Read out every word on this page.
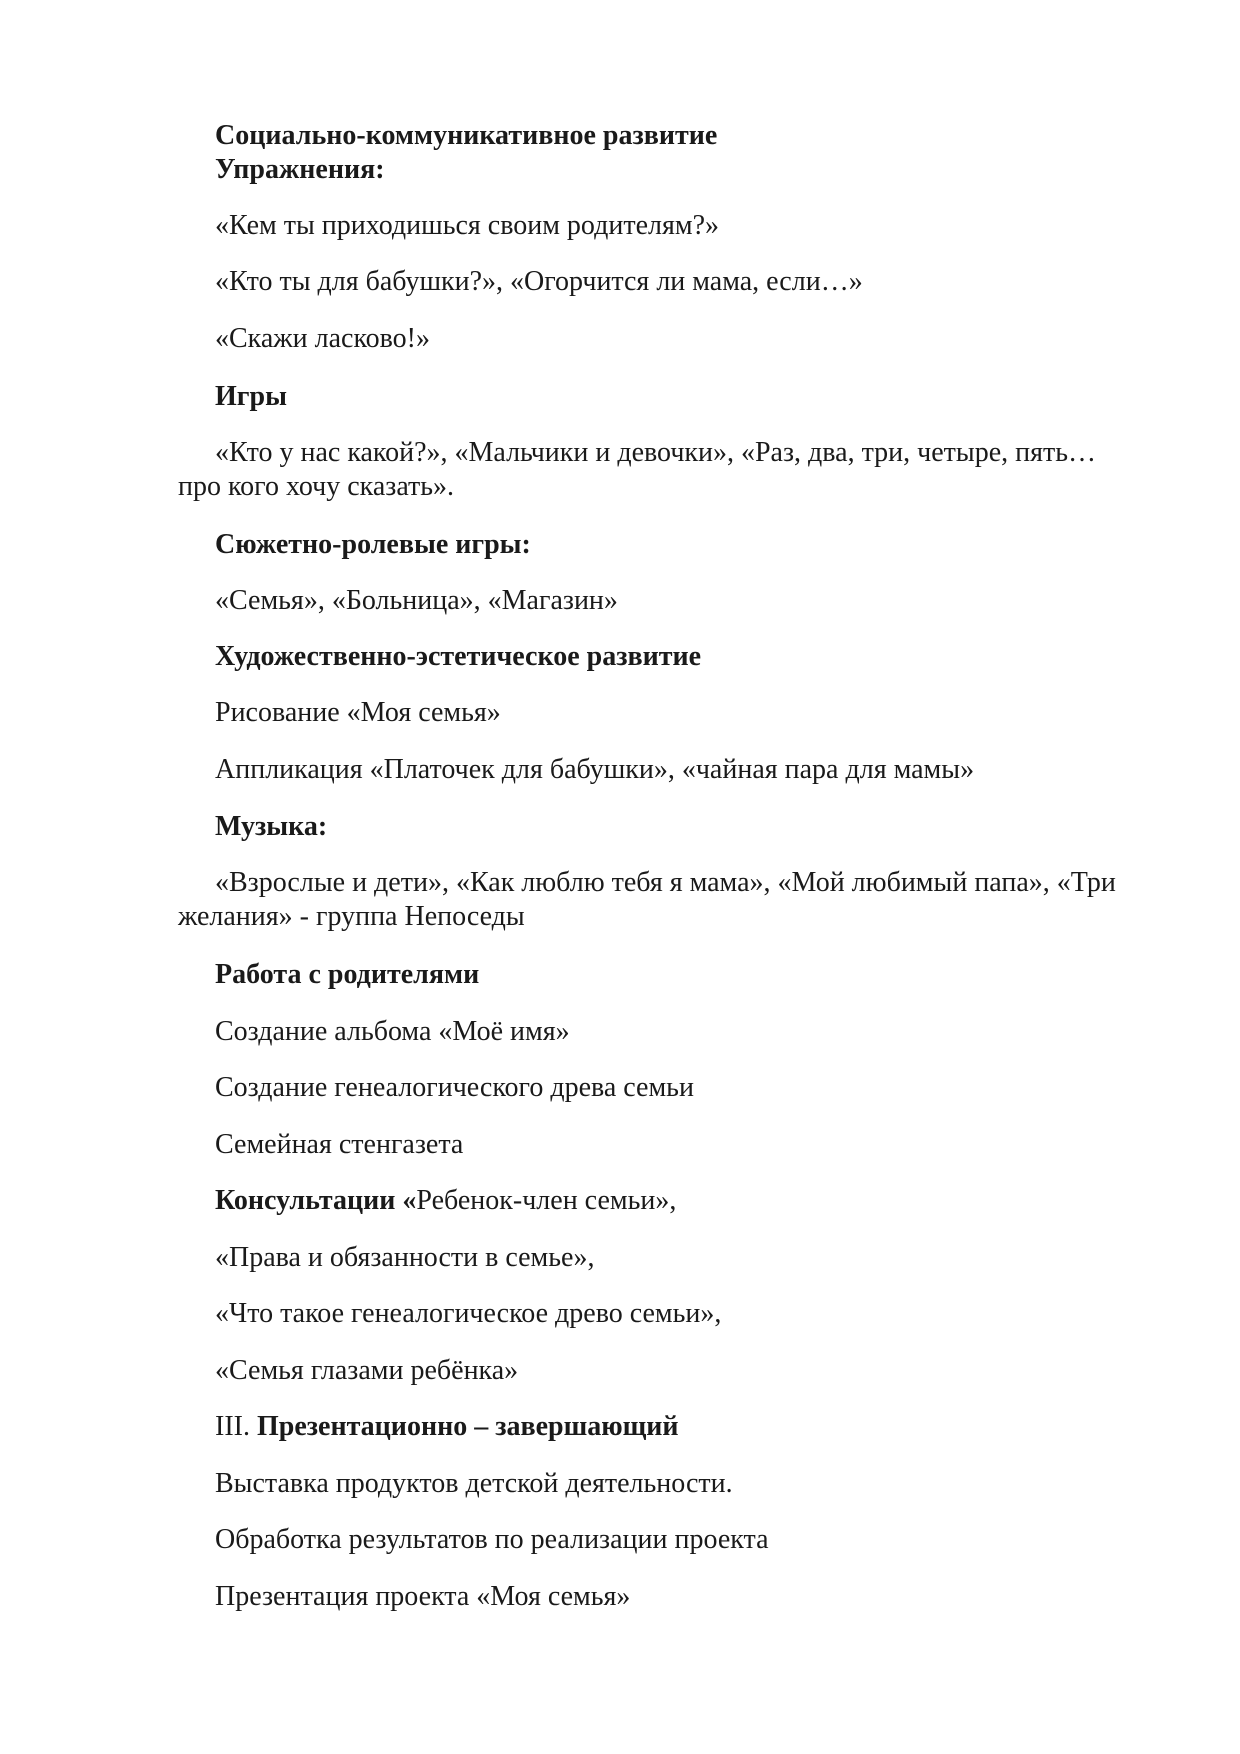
Социально-коммуникативное развитие
Упражнения:
«Кем ты приходишься своим родителям?»
«Кто ты для бабушки?», «Огорчится ли мама, если…»
«Скажи ласково!»
Игры
«Кто у нас какой?», «Мальчики и девочки», «Раз, два, три, четыре, пять…про кого хочу сказать».
Сюжетно-ролевые игры:
«Семья», «Больница», «Магазин»
Художественно-эстетическое развитие
Рисование «Моя семья»
Аппликация «Платочек для бабушки», «чайная пара для мамы»
Музыка:
«Взрослые и дети», «Как люблю тебя я мама», «Мой любимый папа», «Три желания» - группа Непоседы
Работа с родителями
Создание альбома «Моё имя»
Создание генеалогического древа семьи
Семейная стенгазета
Консультации «Ребенок-член семьи»,
«Права и обязанности в семье»,
«Что такое генеалогическое древо семьи»,
«Семья глазами ребёнка»
III. Презентационно – завершающий
Выставка продуктов детской деятельности.
Обработка результатов по реализации проекта
Презентация проекта «Моя семья»
